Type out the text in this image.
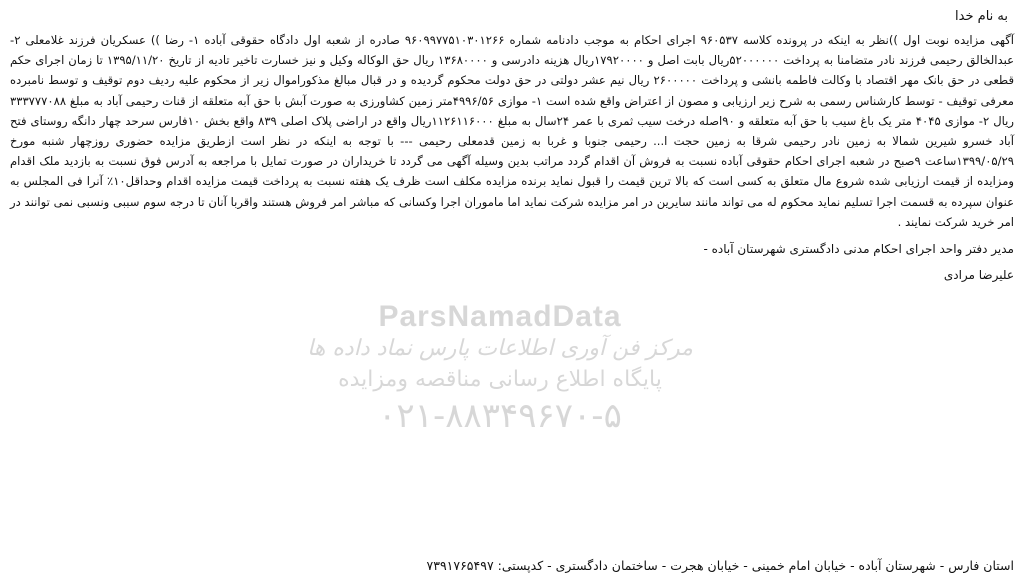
به نام خدا

آگهی مزایده نوبت اول ))نظر به اینکه در پرونده کلاسه ۹۶۰۵۳۷ اجرای احکام به موجب دادنامه شماره ۹۶۰۹۹۷۷۵۱۰۳۰۱۲۶۶ صادره از شعبه اول دادگاه حقوقی آباده ۱- رضا )) عسکریان فرزند غلامعلی ۲- عبدالخالق رحیمی فرزند نادر متضامنا به پرداخت ۵۲۰۰۰۰۰۰ریال بابت اصل و ۱۷۹۲۰۰۰۰ریال هزینه دادرسی و ۱۳۶۸۰۰۰۰ ریال حق الوکاله وکیل و نیز خسارت تاخیر تادیه از تاریخ ۱۳۹۵/۱۱/۲۰ تا زمان اجرای حکم قطعی در حق بانک مهر اقتصاد با وکالت فاطمه بانشی و پرداخت ۲۶۰۰۰۰۰ ریال نیم عشر دولتی در حق دولت محکوم گردیده و در قبال مبالغ مذکوراموال زیر از محکوم علیه ردیف دوم توقیف و توسط نامبرده معرفی توقیف - توسط کارشناس رسمی به شرح زیر ارزیابی و مصون از اعتراض واقع شده است ۱- موازی ۴۹۹۶/۵۶متر زمین کشاورزی به صورت آبش با حق آبه متعلقه از قنات رحیمی آباد به مبلغ ۳۳۳۷۷۷۰۸۸ ریال ۲- موازی ۴۰۴۵ متر یک باغ سیب با حق آبه متعلقه و ۹۰اصله درخت سیب ثمری با عمر ۲۴سال به مبلغ ۱۱۲۶۱۱۶۰۰۰ریال واقع در اراضی پلاک اصلی ۸۳۹ واقع بخش ۱۰فارس سرحد چهار دانگه روستای فتح آباد خسرو شیرین شمالا به زمین نادر رحیمی شرقا به زمین حجت ا... رحیمی جنوبا و غربا به زمین قدمعلی رحیمی --- با توجه به اینکه در نظر است ازطریق مزایده حضوری روزچهار شنبه مورخ ۱۳۹۹/۰۵/۲۹ساعت ۹صبح در شعبه اجرای احکام حقوقی آباده نسبت به فروش آن اقدام گردد مراتب بدین وسیله آگهی می گردد تا خریداران در صورت تمایل با مراجعه به آدرس فوق نسبت به بازدید ملک اقدام ومزایده از قیمت ارزیابی شده شروع مال متعلق به کسی است که بالا ترین قیمت را قبول نماید برنده مزایده مکلف است ظرف یک هفته نسبت به پرداخت قیمت مزایده اقدام وحداقل۱۰٪ آنرا فی المجلس به عنوان سپرده به قسمت اجرا تسلیم نماید محکوم له می تواند مانند سایرین در امر مزایده شرکت نماید اما ماموران اجرا وکسانی که مباشر امر فروش هستند واقربا آنان تا درجه سوم سببی ونسبی نمی توانند در امر خرید شرکت نمایند .

مدیر دفتر واحد اجرای احکام مدنی دادگستری شهرستان آباده -
علیرضا مرادی
ParsNamadData
مرکز فن آوری اطلاعات پارس نماد داده ها
پایگاه اطلاع رسانی مناقصه ومزایده
۰۲۱-۸۸۳۴۹۶۷۰-۵
استان فارس - شهرستان آباده - خیابان امام خمینی - خیابان هجرت - ساختمان دادگستری - کدپستی: ۷۳۹۱۷۶۵۴۹۷
